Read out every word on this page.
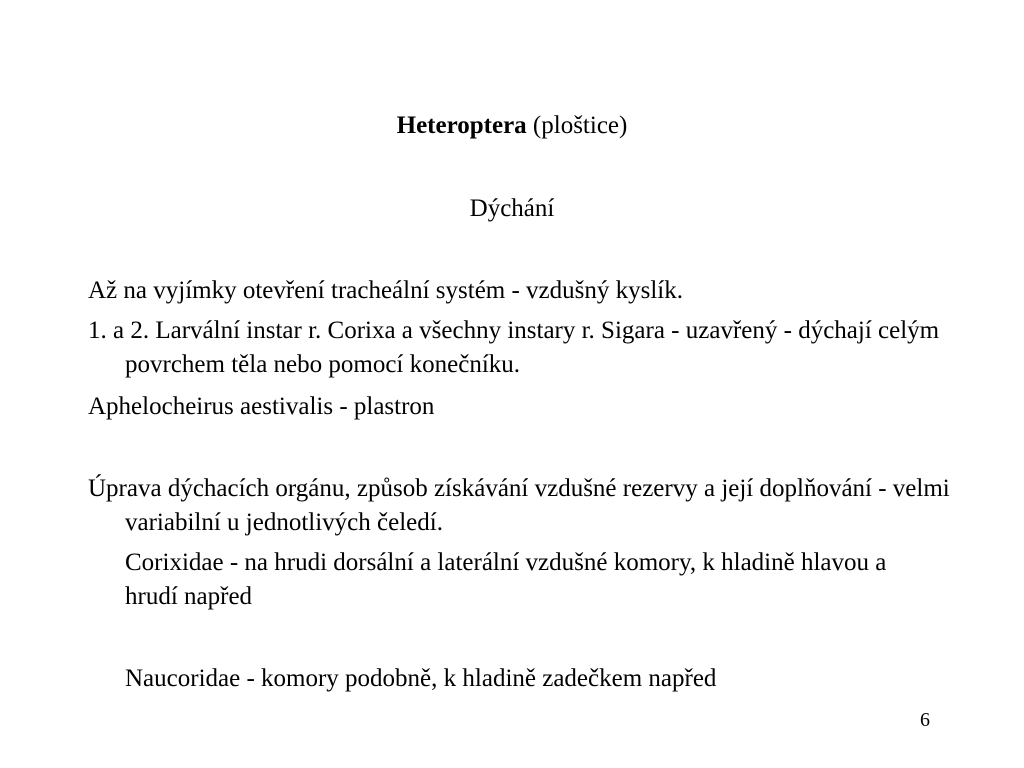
Heteroptera (ploštice)
Dýchání
Až na vyjímky otevření tracheální systém - vzdušný kyslík.
1. a 2. Larvální instar r. Corixa a všechny instary r. Sigara - uzavřený - dýchají celým povrchem těla nebo pomocí konečníku.
Aphelocheirus aestivalis - plastron
Úprava dýchacích orgánu, způsob získávání vzdušné rezervy a její doplňování - velmi variabilní u jednotlivých čeledí.
Corixidae - na hrudi dorsální a laterální vzdušné komory, k hladině hlavou a hrudí napřed
Naucoridae - komory podobně, k hladině zadečkem napřed
6
